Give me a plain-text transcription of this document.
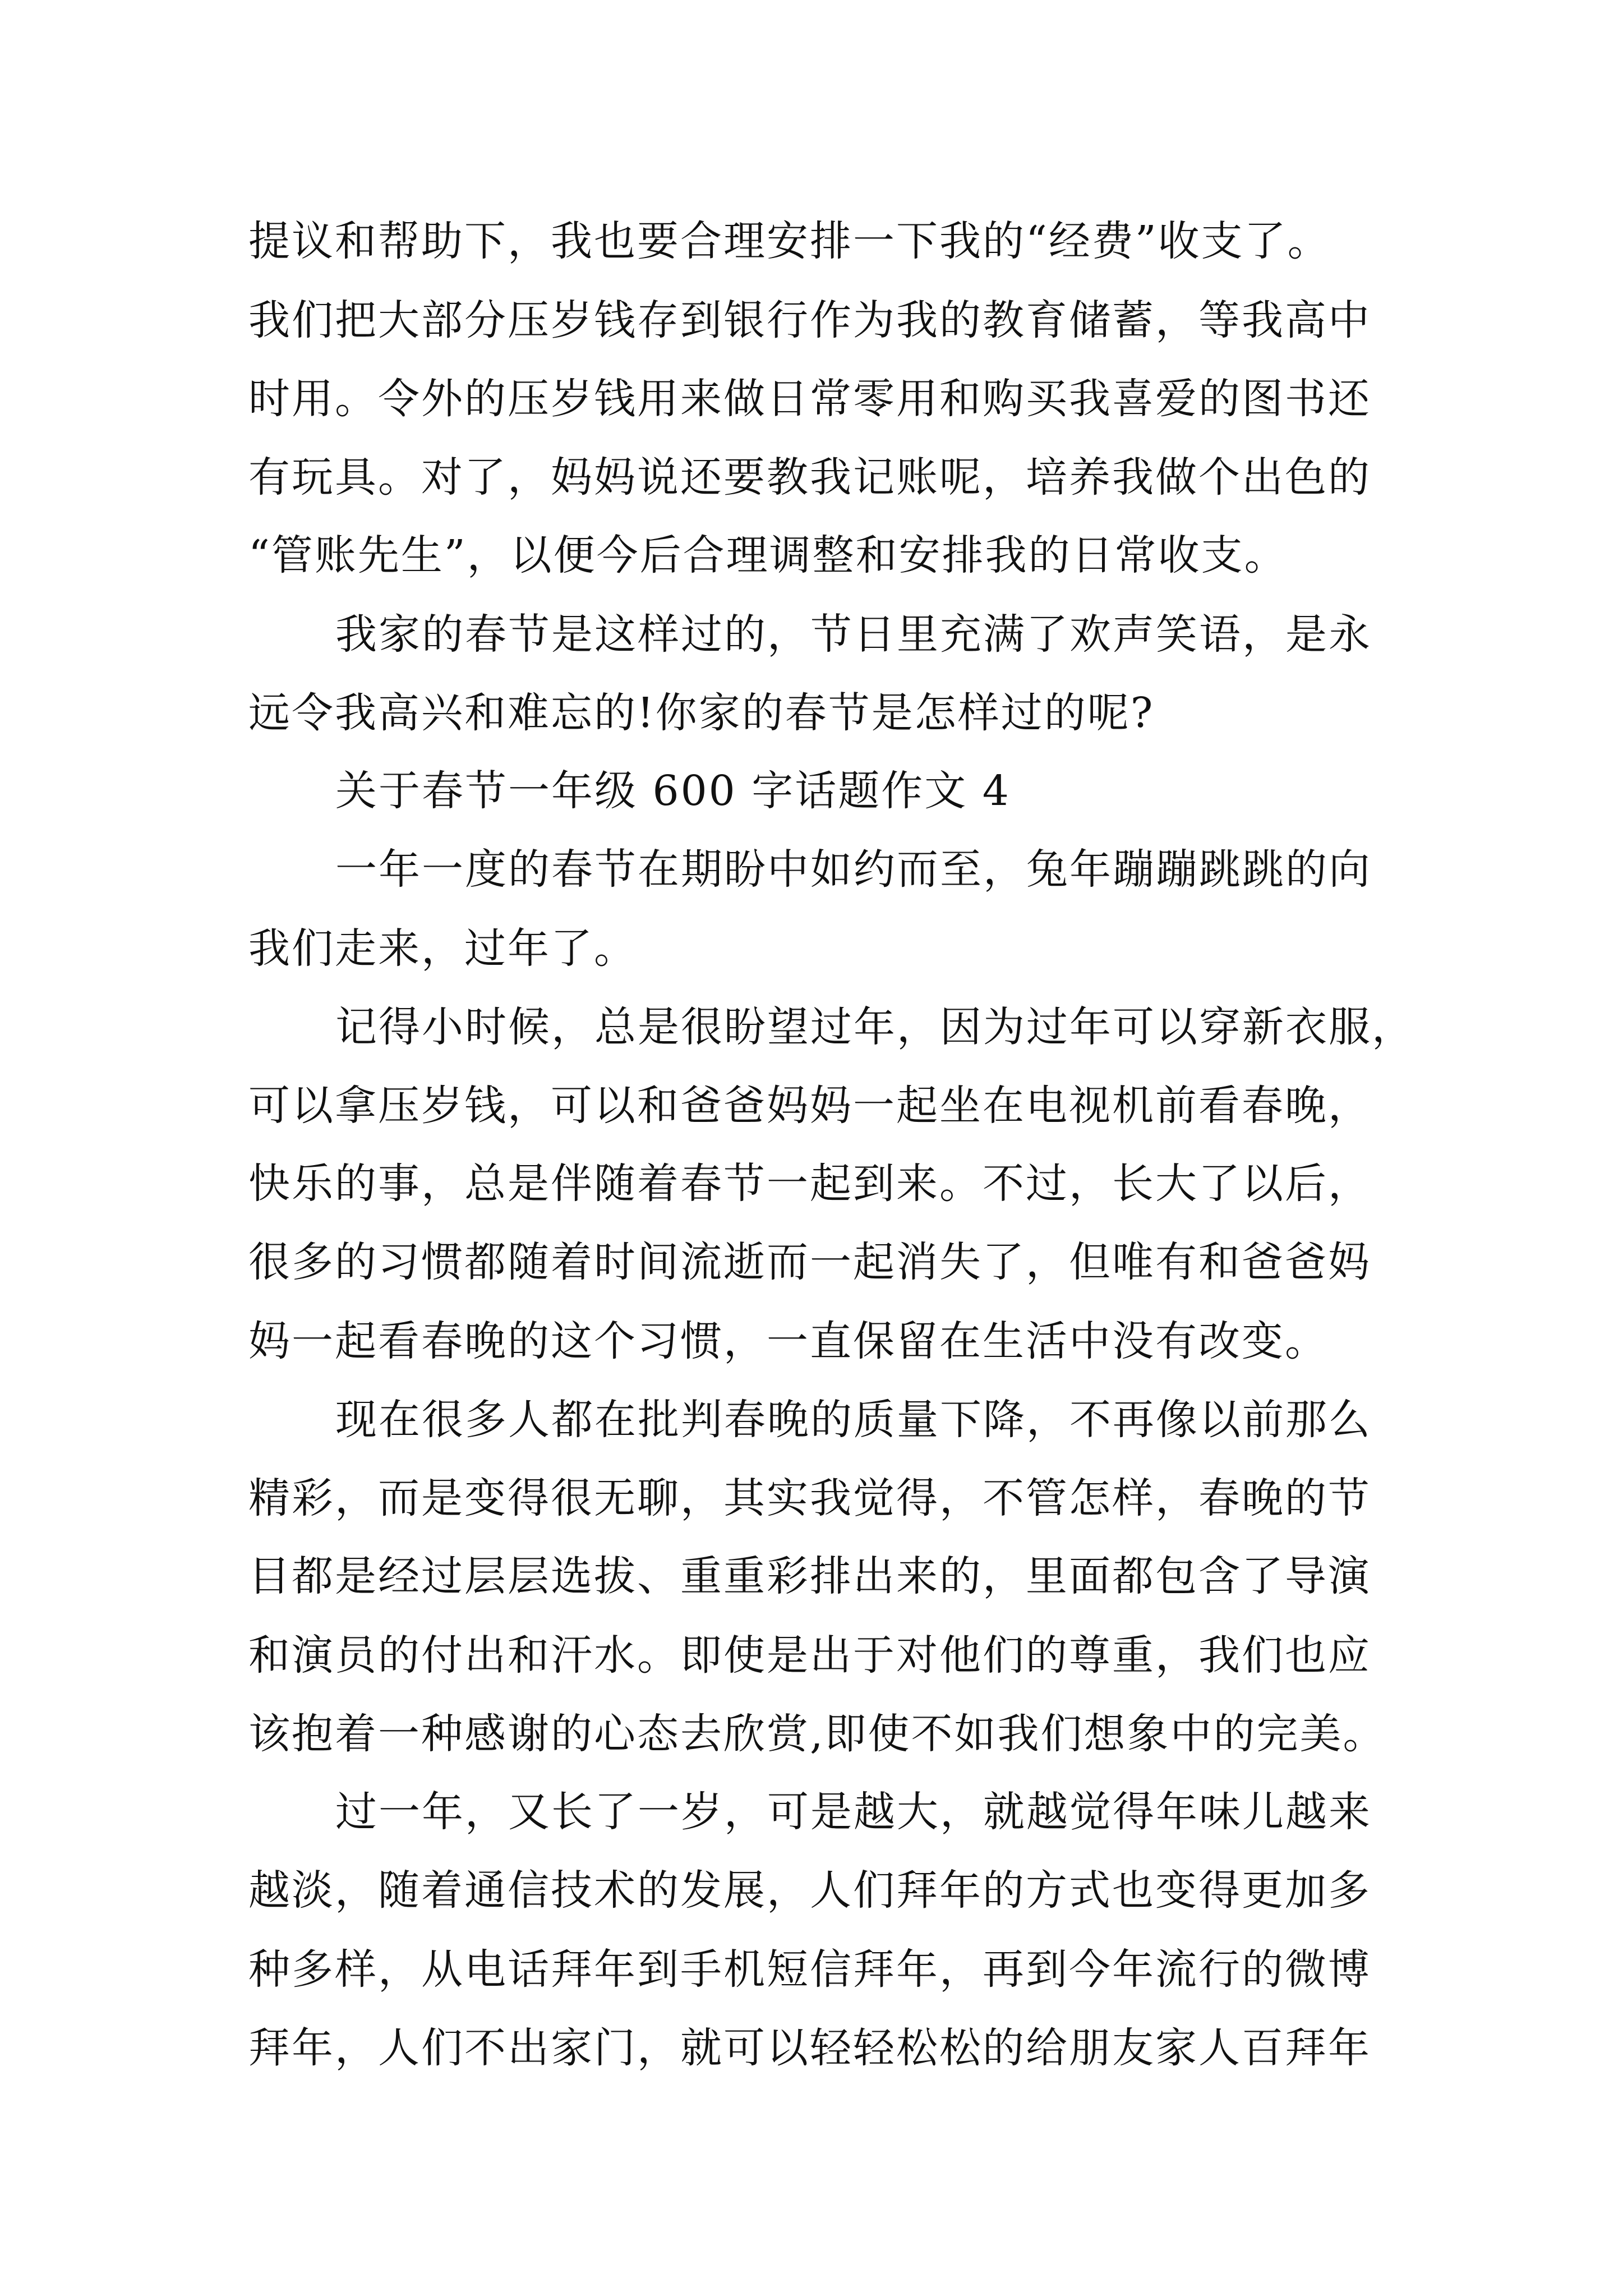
提议和帮助下，我也要合理安排一下我的“经费”收支了。
我们把大部分压岁钱存到银行作为我的教育储蓄，等我高中
时用。令外的压岁钱用来做日常零用和购买我喜爱的图书还
有玩具。对了，妈妈说还要教我记账呢，培养我做个出色的
“管账先生”，以便今后合理调整和安排我的日常收支。
我家的春节是这样过的，节日里充满了欢声笑语，是永
远令我高兴和难忘的!你家的春节是怎样过的呢?
关于春节一年级 600 字话题作文 4
一年一度的春节在期盼中如约而至，兔年蹦蹦跳跳的向
我们走来，过年了。
记得小时候，总是很盼望过年，因为过年可以穿新衣服，
可以拿压岁钱，可以和爸爸妈妈一起坐在电视机前看春晚，
快乐的事，总是伴随着春节一起到来。不过，长大了以后，
很多的习惯都随着时间流逝而一起消失了，但唯有和爸爸妈
妈一起看春晚的这个习惯，一直保留在生活中没有改变。
现在很多人都在批判春晚的质量下降，不再像以前那么
精彩，而是变得很无聊，其实我觉得，不管怎样，春晚的节
目都是经过层层选拔、重重彩排出来的，里面都包含了导演
和演员的付出和汗水。即使是出于对他们的尊重，我们也应
该抱着一种感谢的心态去欣赏,即使不如我们想象中的完美。
过一年，又长了一岁，可是越大，就越觉得年味儿越来
越淡，随着通信技术的发展，人们拜年的方式也变得更加多
种多样，从电话拜年到手机短信拜年，再到今年流行的微博
拜年，人们不出家门，就可以轻轻松松的给朋友家人百拜年
